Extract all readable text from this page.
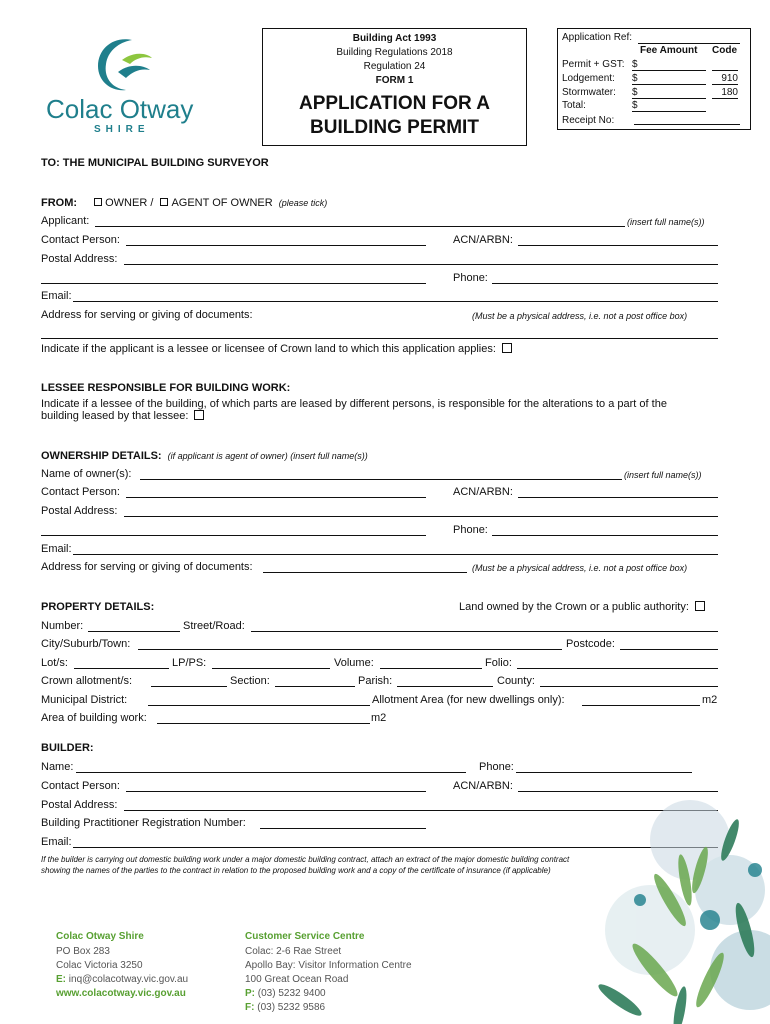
Colac Otway
SHIRE
Building Act 1993
Building Regulations 2018
Regulation 24
FORM 1
APPLICATION FOR A
BUILDING PERMIT
Application Ref:
Fee Amount Code
Permit + GST: $
Lodgement: $	910
Stormwater: $	180
Total:	$
Receipt No:
TO: THE MUNICIPAL BUILDING SURVEYOR
FROM:	OWNER / AGENT OF OWNER (please tick)
Applicant:	(insert full name(s))
Contact Person:	ACN/ARBN:
Postal Address:
Phone:
Email:
Address for serving or giving of documents:	(Must be a physical address, i.e. not a post office box)
Indicate if the applicant is a lessee or licensee of Crown land to which this application applies:
LESSEE RESPONSIBLE FOR BUILDING WORK:
Indicate if a lessee of the building, of which parts are leased by different persons, is responsible for the alterations to a part of the
building leased by that lessee:
OWNERSHIP DETAILS: (if applicant is agent of owner) (insert full name(s))
Name of owner(s):	(insert full name(s))
Contact Person:	ACN/ARBN:
Postal Address:
Phone:
Email:
Address for serving or giving of documents:	(Must be a physical address, i.e. not a post office box)
PROPERTY DETAILS:	Land owned by the Crown or a public authority:
Number:	Street/Road:
City/Suburb/Town:	Postcode:
Lot/s:	LP/PS:	Volume:	Folio:
Crown allotment/s:	Section:	Parish:	County:
Municipal District:	Allotment Area (for new dwellings only):	m2
Area of building work:	m2
BUILDER:
Name:	Phone:
Contact Person:	ACN/ARBN:
Postal Address:
Building Practitioner Registration Number:
Email:
If the builder is carrying out domestic building work under a major domestic building contract, attach an extract of the major domestic building contract
showing the names of the parties to the contract in relation to the proposed building work and a copy of the certificate of insurance (if applicable)
Colac Otway Shire
PO Box 283
Colac Victoria 3250
E: inq@colacotway.vic.gov.au
www.colacotway.vic.gov.au
Customer Service Centre
Colac: 2-6 Rae Street
Apollo Bay: Visitor Information Centre
100 Great Ocean Road
P: (03) 5232 9400
F: (03) 5232 9586
